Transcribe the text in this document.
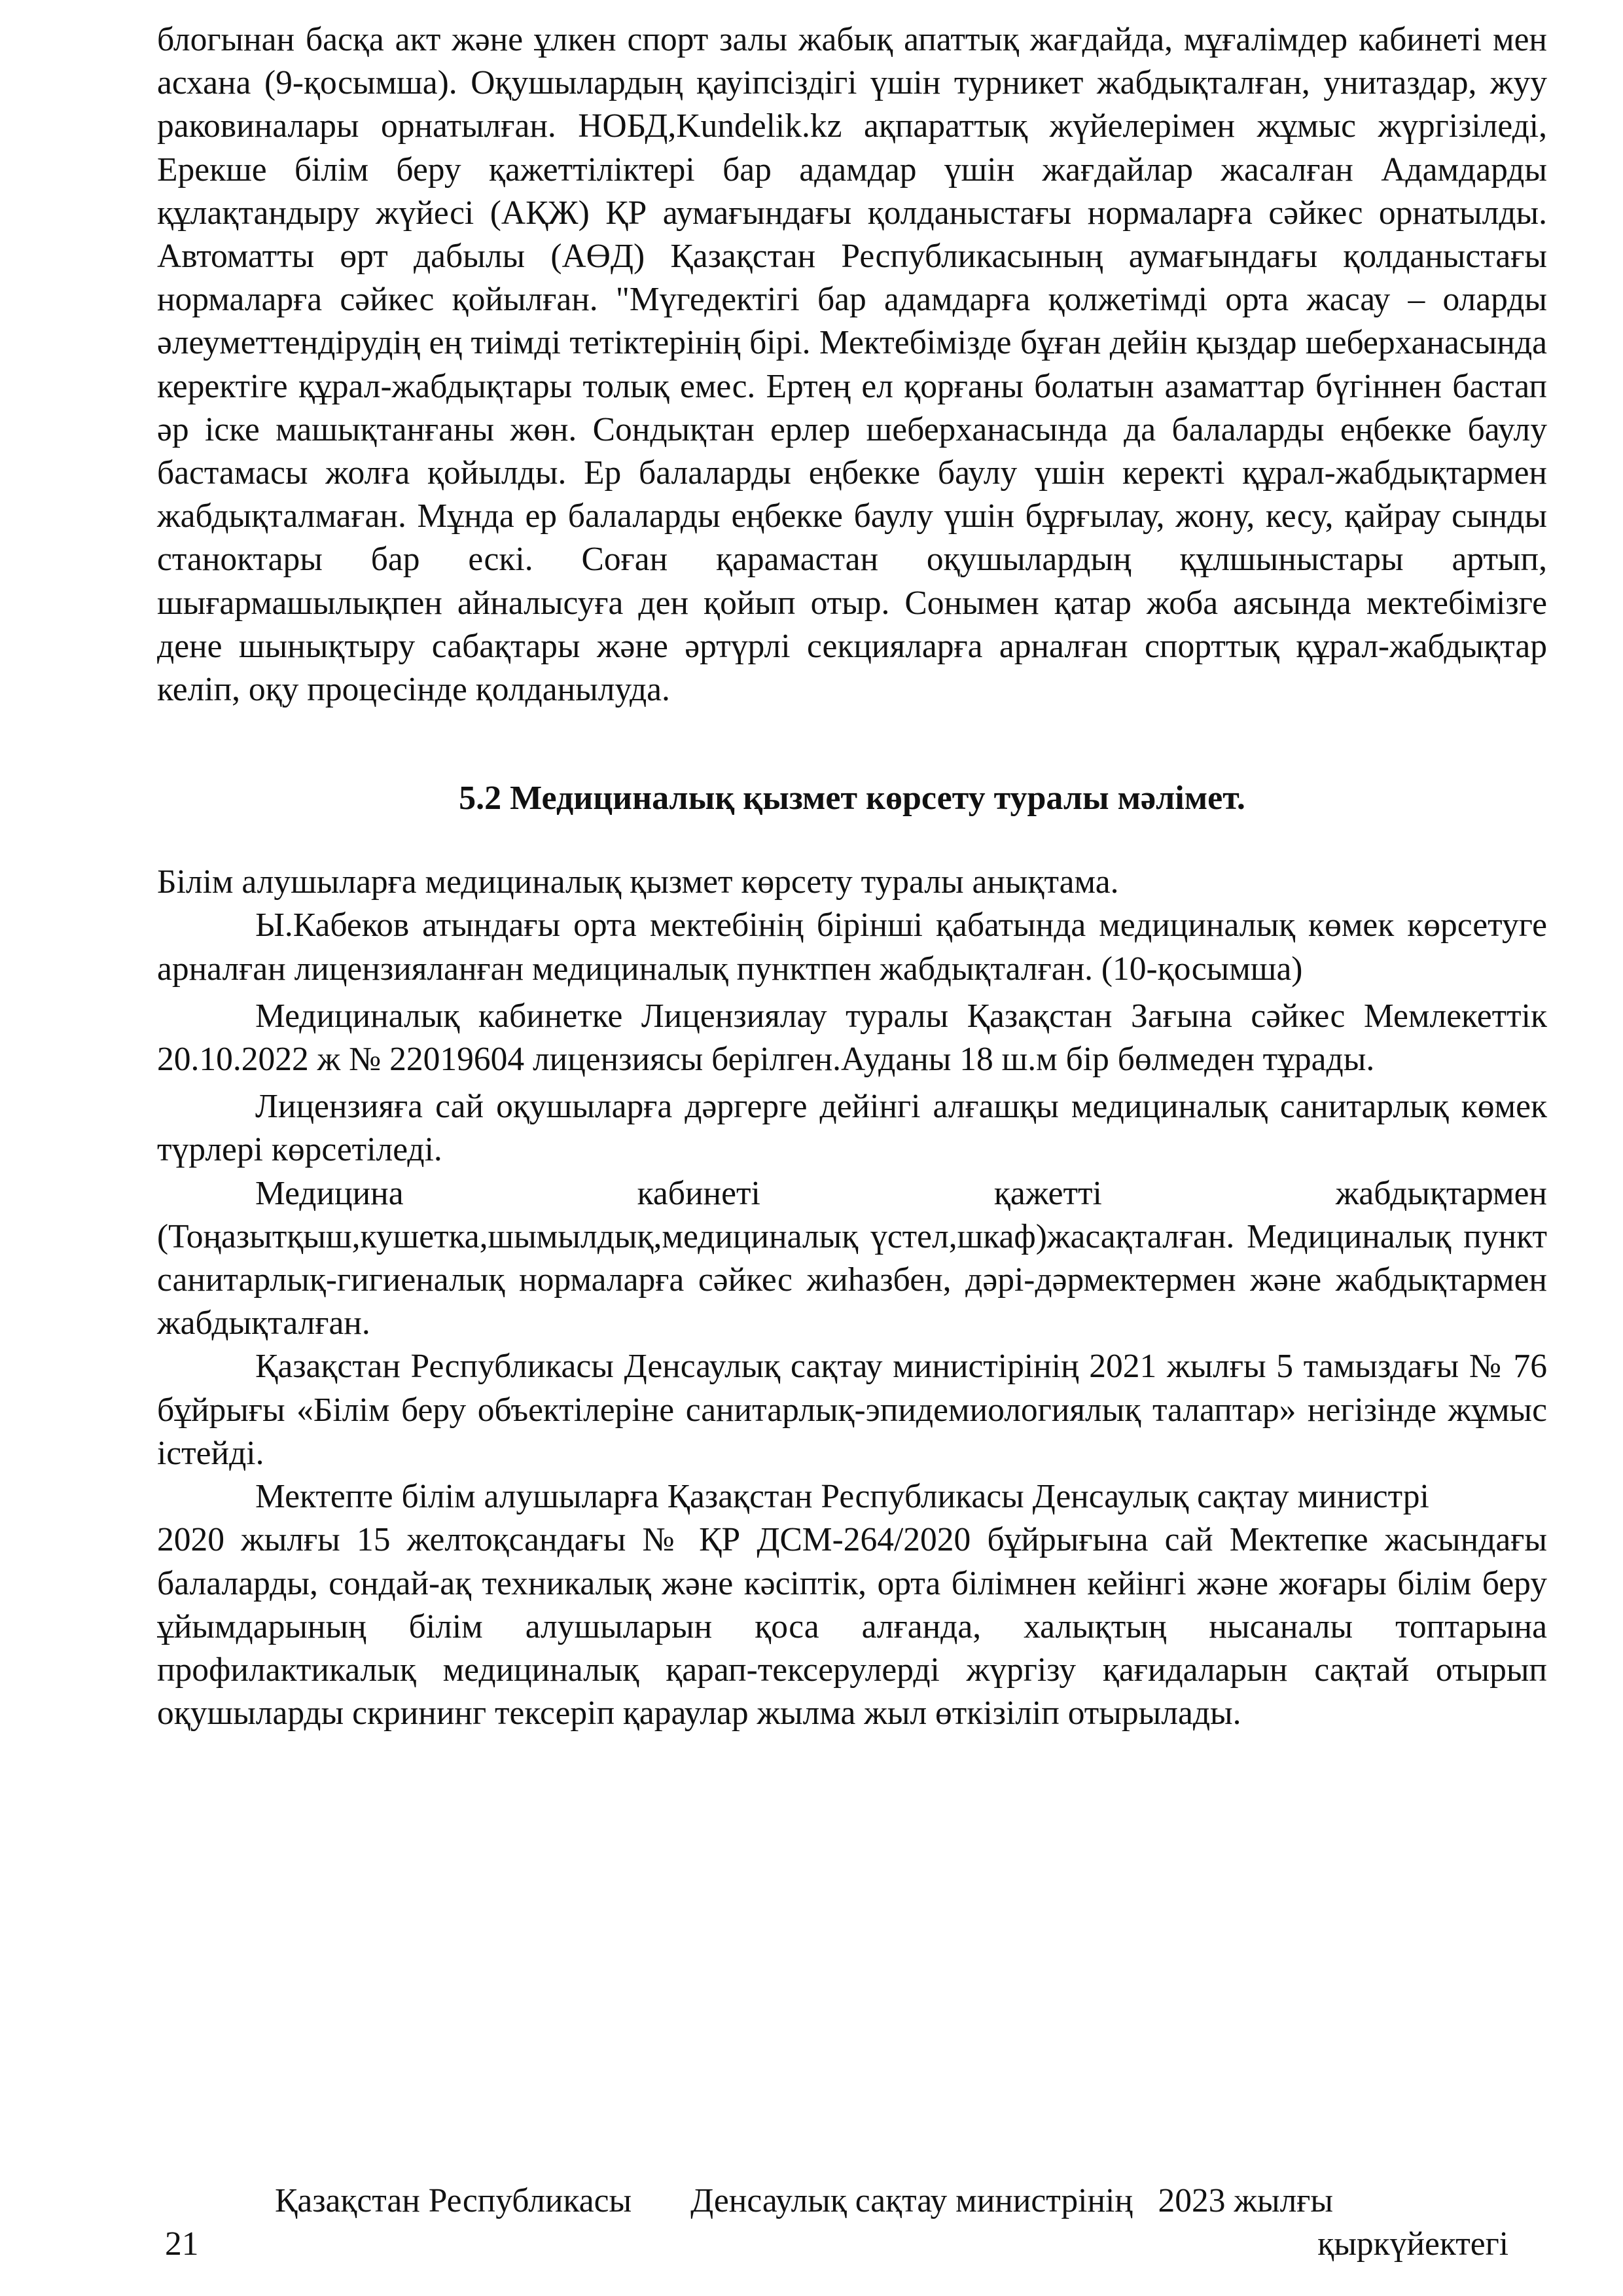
блогынан басқа акт және ұлкен спорт залы жабық апаттық жағдайда, мұғалімдер кабинеті мен асхана (9-қосымша). Оқушылардың қауіпсіздігі үшін турникет жабдықталған, унитаздар, жуу раковиналары орнатылған. НОБД,Kundelik.kz ақпараттық жүйелерімен жұмыс жүргізіледі, Ерекше білім беру қажеттіліктері бар адамдар үшін жағдайлар жасалған Адамдарды құлақтандыру жүйесі (АҚЖ) ҚР аумағындағы қолданыстағы нормаларға сәйкес орнатылды. Автоматты өрт дабылы (АӨД) Қазақстан Республикасының аумағындағы қолданыстағы нормаларға сәйкес қойылған. "Мүгедектігі бар адамдарға қолжетімді орта жасау – оларды әлеуметтендірудің ең тиімді тетіктерінің бірі. Мектебімізде бұған дейін қыздар шеберханасында керектіге құрал-жабдықтары толық емес. Ертең ел қорғаны болатын азаматтар бүгіннен бастап әр іске машықтанғаны жөн. Сондықтан ерлер шеберханасында да балаларды еңбекке баулу бастамасы жолға қойылды. Ер балаларды еңбекке баулу үшін керекті құрал-жабдықтармен жабдықталмаған. Мұнда ер балаларды еңбекке баулу үшін бұрғылау, жону, кесу, қайрау сынды станоктары бар ескі. Соған қарамастан оқушылардың құлшыныстары артып, шығармашылықпен айналысуға ден қойып отыр. Сонымен қатар жоба аясында мектебімізге дене шынықтыру сабақтары және әртүрлі секцияларға арналған спорттық құрал-жабдықтар келіп, оқу процесінде қолданылуда.

5.2 Медициналық қызмет көрсету туралы мәлімет.

Білім алушыларға медициналық қызмет көрсету туралы анықтама.

Ы.Кабеков атындағы орта мектебінің бірінші қабатында медициналық көмек көрсетуге арналған лицензияланған медициналық пунктпен жабдықталған. (10-қосымша)

Медициналық кабинетке Лицензиялау туралы Қазақстан Зағына сәйкес Мемлекеттік 20.10.2022 ж № 22019604 лицензиясы берілген.Ауданы 18 ш.м бір бөлмеден тұрады.

Лицензияға сай оқушыларға дәргерге дейінгі алғашқы медициналық санитарлық көмек түрлері көрсетіледі.

Медицина кабинеті қажетті жабдықтармен (Тоңазытқыш,кушетка,шымылдық,медициналық үстел,шкаф)жасақталған. Медициналық пункт санитарлық-гигиеналық нормаларға сәйкес жиһазбен, дәрі-дәрмектермен және жабдықтармен жабдықталған.

Қазақстан Республикасы Денсаулық сақтау министірінің 2021 жылғы 5 тамыздағы № 76 бұйрығы «Білім беру объектілеріне санитарлық-эпидемиологиялық талаптар» негізінде жұмыс істейді.

Мектепте білім алушыларға Қазақстан Республикасы Денсаулық сақтау министрі

2020 жылғы 15 желтоқсандағы № ҚР ДСМ-264/2020 бұйрығына сай Мектепке жасындағы балаларды, сондай-ақ техникалық және кәсіптік, орта білімнен кейінгі және жоғары білім беру ұйымдарының білім алушыларын қоса алғанда, халықтың нысаналы топтарына профилактикалық медициналық қарап-тексерулерді жүргізу қағидаларын сақтай отырып оқушыларды скрининг тексеріп қараулар жылма жыл өткізіліп отырылады.

Қазақстан Республикасы       Денсаулық сақтау министрінің   2023 жылғы
21	қыркүйектегі
